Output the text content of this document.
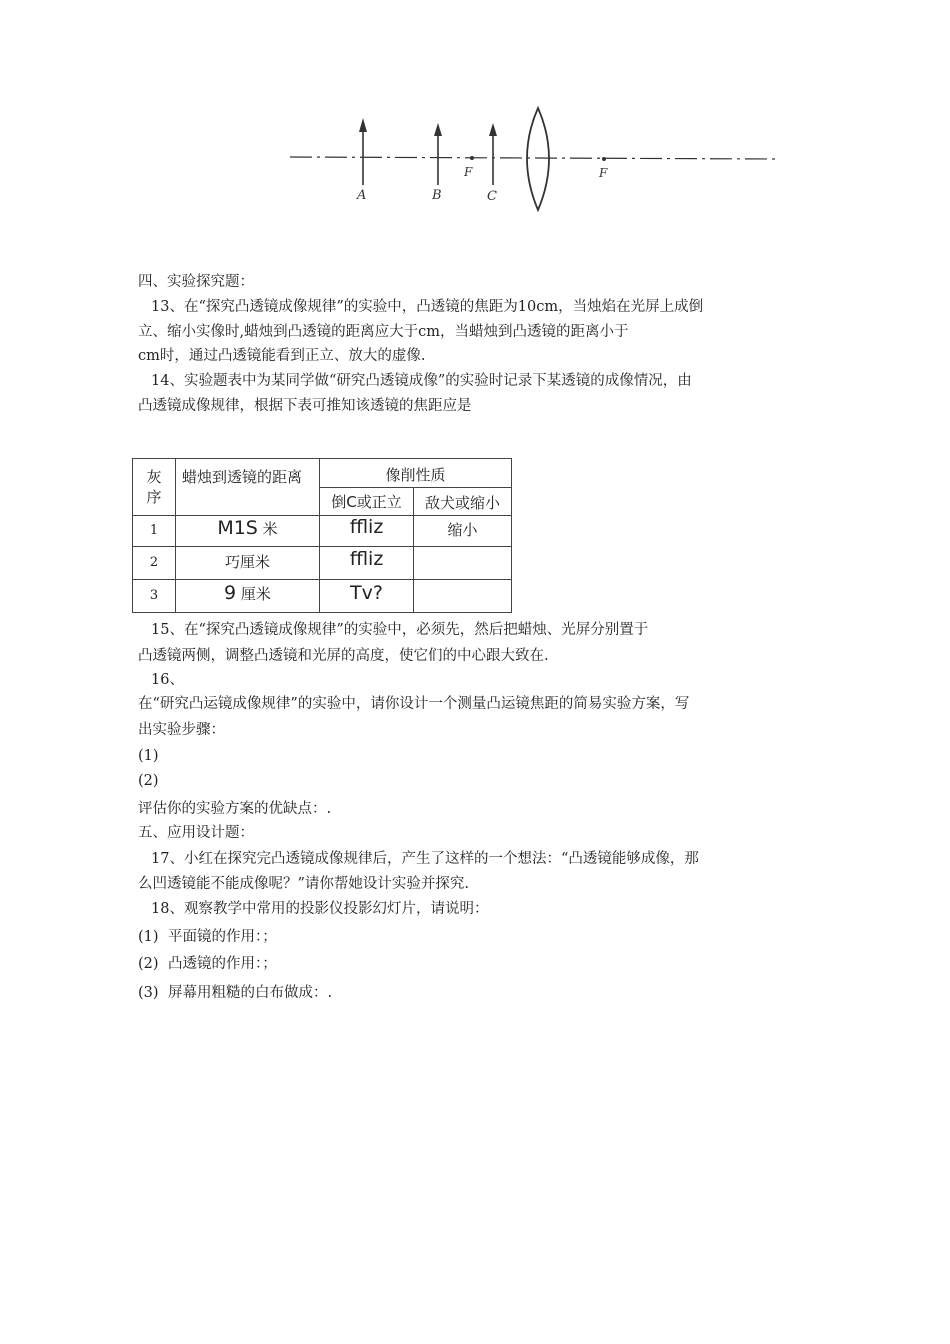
A	B
F
C
F
四、实验探究题：
13、在“探究凸透镜成像规律”的实验中，凸透镜的焦距为10cm，当烛焰在光屏上成倒
立、缩小实像时,蜡烛到凸透镜的距离应大于cm，当蜡烛到凸透镜的距离小于
cm时，通过凸透镜能看到正立、放大的虚像.
14、实验题表中为某同学做“研究凸透镜成像”的实验时记录下某透镜的成像情况，由
凸透镜成像规律，根据下表可推知该透镜的焦距应是
灰序	蜡烛到透镜的距离	像削性质	

		倒C或正立	敌犬或缩小

1	M1S 米	ffliz	缩小

2	巧厘米	ffliz	

3	9 厘米	Tv?	

15、在“探究凸透镜成像规律”的实验中，必须先，然后把蜡烛、光屏分别置于
凸透镜两侧，调整凸透镜和光屏的高度，使它们的中心跟大致在.
16、
在“研究凸运镜成像规律”的实验中，请你设计一个测量凸运镜焦距的简易实验方案，写
出实验步骤：
(1)
(2)
评估你的实验方案的优缺点：.
五、应用设计题：
17、小红在探究完凸透镜成像规律后，产生了这样的一个想法：“凸透镜能够成像，那
么凹透镜能不能成像呢？”请你帮她设计实验并探究.
18、观察教学中常用的投影仪投影幻灯片，请说明：
(1) 平面镜的作用：；
(2) 凸透镜的作用：；
(3) 屏幕用粗糙的白布做成：.
